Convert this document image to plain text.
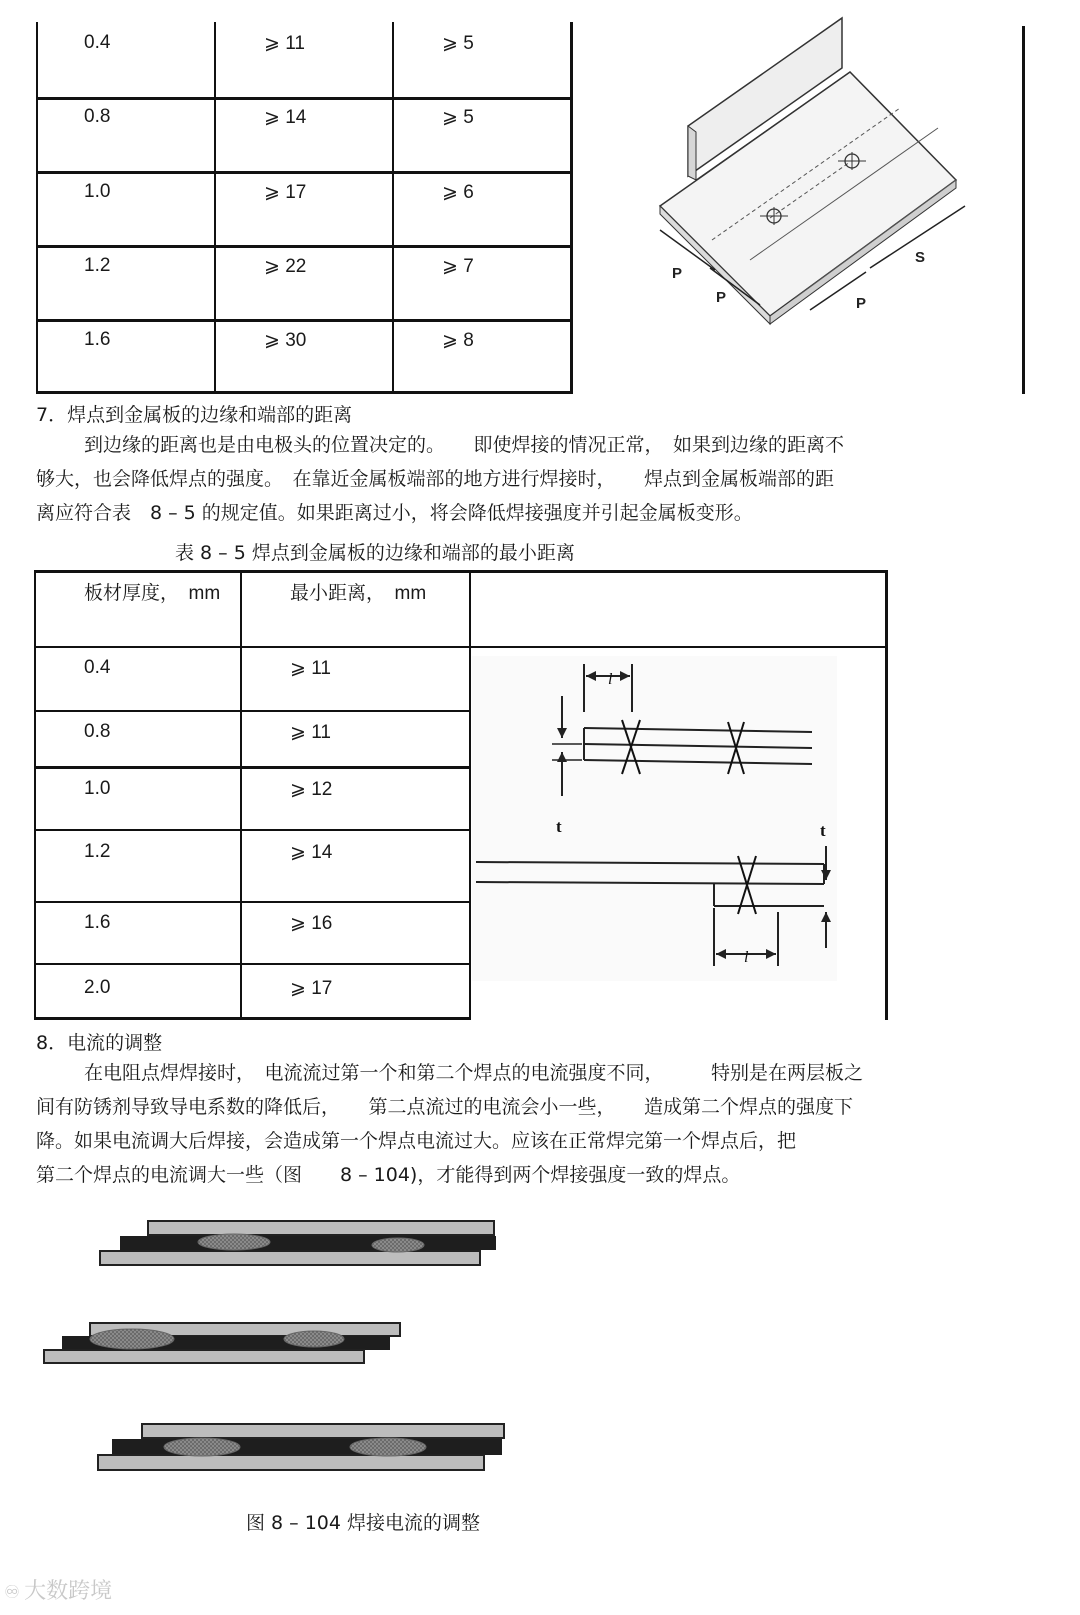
0.4	⩾ 11	⩾ 5
0.8	⩾ 14	⩾ 5
1.0	⩾ 17	⩾ 6
1.2	⩾ 22	⩾ 7
1.6	⩾ 30	⩾ 8
P
P	P
S
7．焊点到金属板的边缘和端部的距离
到边缘的距离也是由电极头的位置决定的。　　即使焊接的情况正常，　如果到边缘的距离不
够大，也会降低焊点的强度。　在靠近金属板端部的地方进行焊接时，　　焊点到金属板端部的距
离应符合表　8 – 5 的规定值。如果距离过小，将会降低焊接强度并引起金属板变形。
表 8 – 5 焊点到金属板的边缘和端部的最小距离
板材厚度，　mm	最小距离，　mm
0.4	⩾ 11
0.8	⩾ 11
1.0	⩾ 12
1.2	⩾ 14
1.6	⩾ 16
2.0	⩾ 17
l
t	t
l
8．电流的调整
在电阻点焊焊接时，　电流流过第一个和第二个焊点的电流强度不同，　　　特别是在两层板之
间有防锈剂导致导电系数的降低后，　　第二点流过的电流会小一些，　　造成第二个焊点的强度下
降。如果电流调大后焊接，会造成第一个焊点电流过大。应该在正常焊完第一个焊点后，把
第二个焊点的电流调大一些（图　　8 – 104)，才能得到两个焊接强度一致的焊点。
图 8 – 104 焊接电流的调整
♾ 大数跨境
